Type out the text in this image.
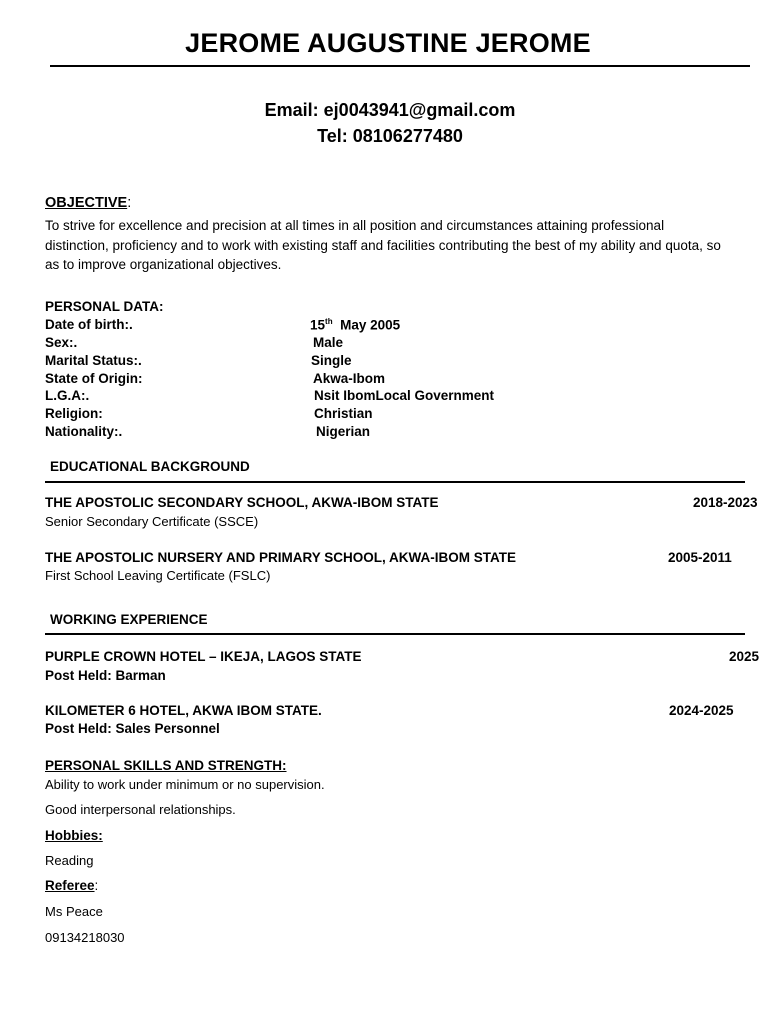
JEROME AUGUSTINE JEROME
Email: ej0043941@gmail.com
Tel: 08106277480
OBJECTIVE:
To strive for excellence and precision at all times in all position and circumstances attaining professional distinction, proficiency and to work with existing staff and facilities contributing the best of my ability and quota, so as to improve organizational objectives.
PERSONAL DATA:
Date of birth:.	15th May 2005
Sex:.	Male
Marital Status:.	Single
State of Origin:	Akwa-Ibom
L.G.A:.	Nsit IbomLocal Government
Religion:	Christian
Nationality:.	Nigerian
EDUCATIONAL BACKGROUND
THE APOSTOLIC SECONDARY SCHOOL, AKWA-IBOM STATE	2018-2023
Senior Secondary Certificate (SSCE)
THE APOSTOLIC NURSERY AND PRIMARY SCHOOL, AKWA-IBOM STATE	2005-2011
First School Leaving Certificate (FSLC)
WORKING EXPERIENCE
PURPLE CROWN HOTEL – IKEJA, LAGOS STATE	2025
Post Held: Barman
KILOMETER 6 HOTEL, AKWA IBOM STATE.	2024-2025
Post Held: Sales Personnel
PERSONAL SKILLS AND STRENGTH:
Ability to work under minimum or no supervision.
Good interpersonal relationships.
Hobbies:
Reading
Referee:
Ms Peace
09134218030
